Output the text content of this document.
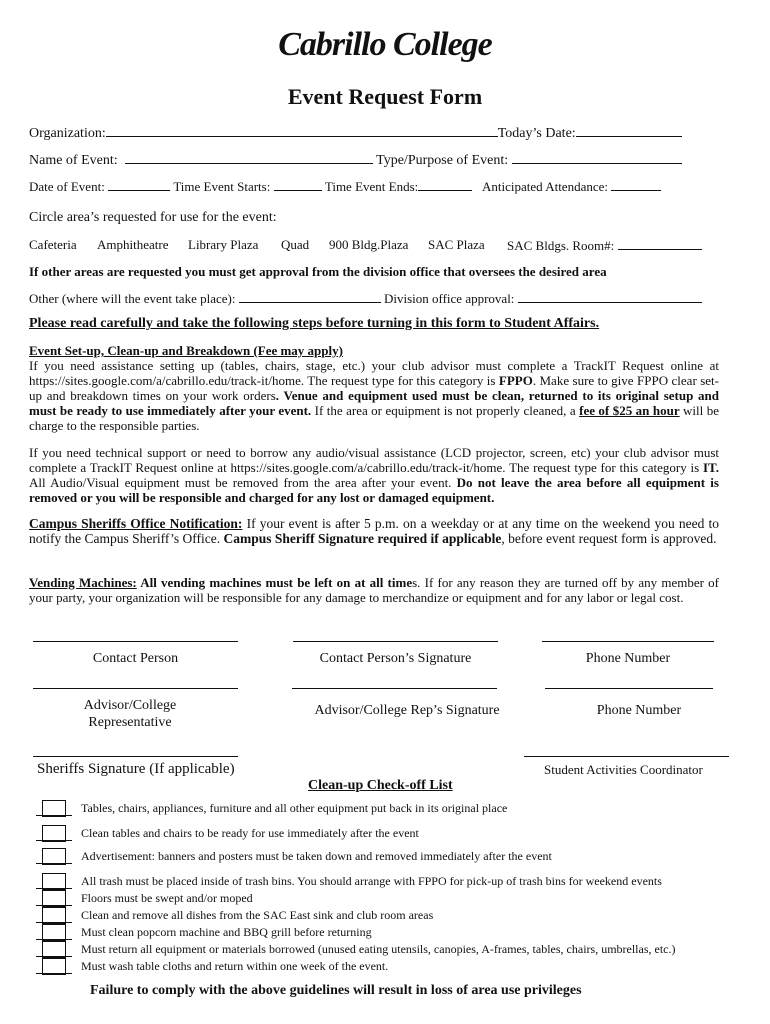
Cabrillo College
Event Request Form
Organization:	Today’s Date:
Name of Event:	Type/Purpose of Event:
Date of Event:	Time Event Starts:	Time Event Ends:	Anticipated Attendance:
Circle area’s requested for use for the event:
Cafeteria Amphitheatre Library Plaza Quad 900 Bldg.Plaza SAC Plaza SAC Bldgs. Room#:
If other areas are requested you must get approval from the division office that oversees the desired area
Other (where will the event take place):	Division office approval:
Please read carefully and take the following steps before turning in this form to Student Affairs.
Event Set-up, Clean-up and Breakdown (Fee may apply)
If you need assistance setting up (tables, chairs, stage, etc.) your club advisor must complete a TrackIT Request online at https://sites.google.com/a/cabrillo.edu/track-it/home. The request type for this category is FPPO. Make sure to give FPPO clear set-up and breakdown times on your work orders. Venue and equipment used must be clean, returned to its original setup and must be ready to use immediately after your event. If the area or equipment is not properly cleaned, a fee of $25 an hour will be charge to the responsible parties.
If you need technical support or need to borrow any audio/visual assistance (LCD projector, screen, etc) your club advisor must complete a TrackIT Request online at https://sites.google.com/a/cabrillo.edu/track-it/home. The request type for this category is IT. All Audio/Visual equipment must be removed from the area after your event. Do not leave the area before all equipment is removed or you will be responsible and charged for any lost or damaged equipment.
Campus Sheriffs Office Notification: If your event is after 5 p.m. on a weekday or at any time on the weekend you need to notify the Campus Sheriff’s Office. Campus Sheriff Signature required if applicable, before event request form is approved.
Vending Machines: All vending machines must be left on at all times. If for any reason they are turned off by any member of your party, your organization will be responsible for any damage to merchandize or equipment and for any labor or legal cost.
Contact Person	Contact Person’s Signature	Phone Number
Advisor/College
Representative
Advisor/College Rep’s Signature	Phone Number
Sheriffs Signature (If applicable)	Student Activities Coordinator
Clean-up Check-off List
Tables, chairs, appliances, furniture and all other equipment put back in its original place
Clean tables and chairs to be ready for use immediately after the event
Advertisement: banners and posters must be taken down and removed immediately after the event
All trash must be placed inside of trash bins. You should arrange with FPPO for pick-up of trash bins for weekend events
Floors must be swept and/or moped
Clean and remove all dishes from the SAC East sink and club room areas
Must clean popcorn machine and BBQ grill before returning
Must return all equipment or materials borrowed (unused eating utensils, canopies, A-frames, tables, chairs, umbrellas, etc.)
Must wash table cloths and return within one week of the event.
Failure to comply with the above guidelines will result in loss of area use privileges
